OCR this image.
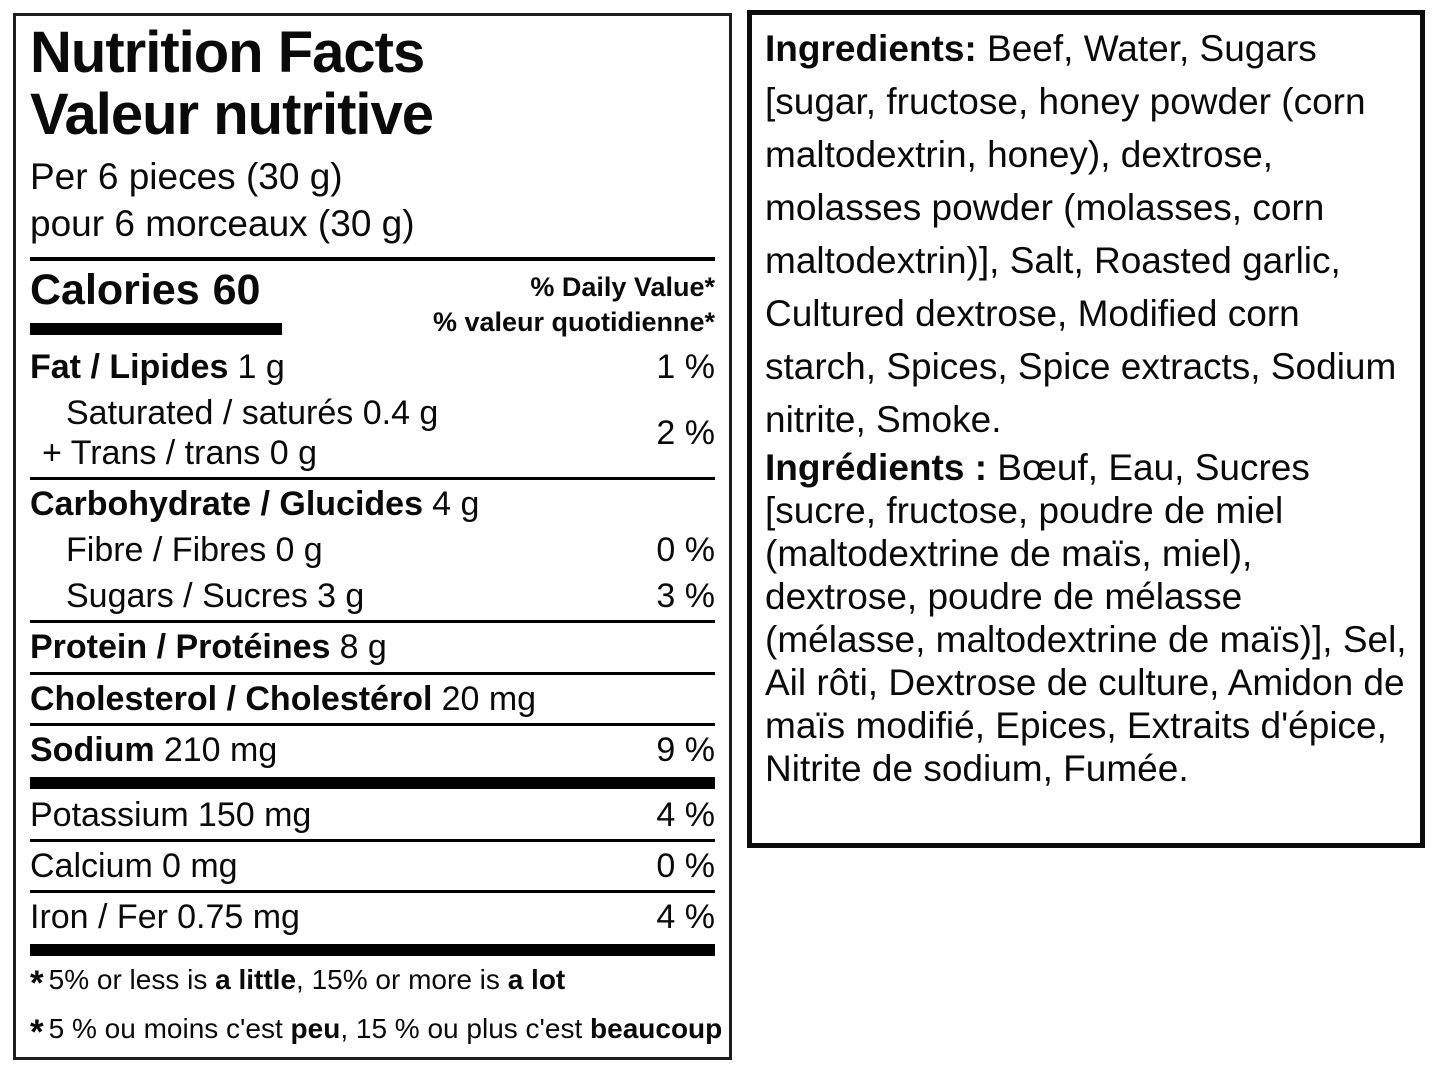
Nutrition Facts
Valeur nutritive

Per 6 pieces (30 g)

pour 6 morceaux (30 g)

Calories 60	% Daily Value*
% valeur quotidienne*
Fat / Lipides 1 g	1 %
Saturated / saturés 0.4 g
+ Trans / trans 0 g
2 %
Carbohydrate / Glucides 4 g
Fibre / Fibres 0 g	0 %
Sugars / Sucres 3 g	3 %
Protein / Protéines 8 g
Cholesterol / Cholestérol 20 mg
Sodium 210 mg	9 %
Potassium 150 mg	4 %
Calcium 0 mg	0 %
Iron / Fer 0.75 mg	4 %

* 5% or less is a little, 15% or more is a lot

* 5 % ou moins c'est peu, 15 % ou plus c'est beaucoup

Ingredients: Beef, Water, Sugars [sugar, fructose, honey powder (corn maltodextrin, honey), dextrose, molasses powder (molasses, corn maltodextrin)], Salt, Roasted garlic, Cultured dextrose, Modified corn starch, Spices, Spice extracts, Sodium nitrite, Smoke.

Ingrédients : Bœuf, Eau, Sucres [sucre, fructose, poudre de miel (maltodextrine de maïs, miel), dextrose, poudre de mélasse (mélasse, maltodextrine de maïs)], Sel, Ail rôti, Dextrose de culture, Amidon de maïs modifié, Epices, Extraits d'épice, Nitrite de sodium, Fumée.
